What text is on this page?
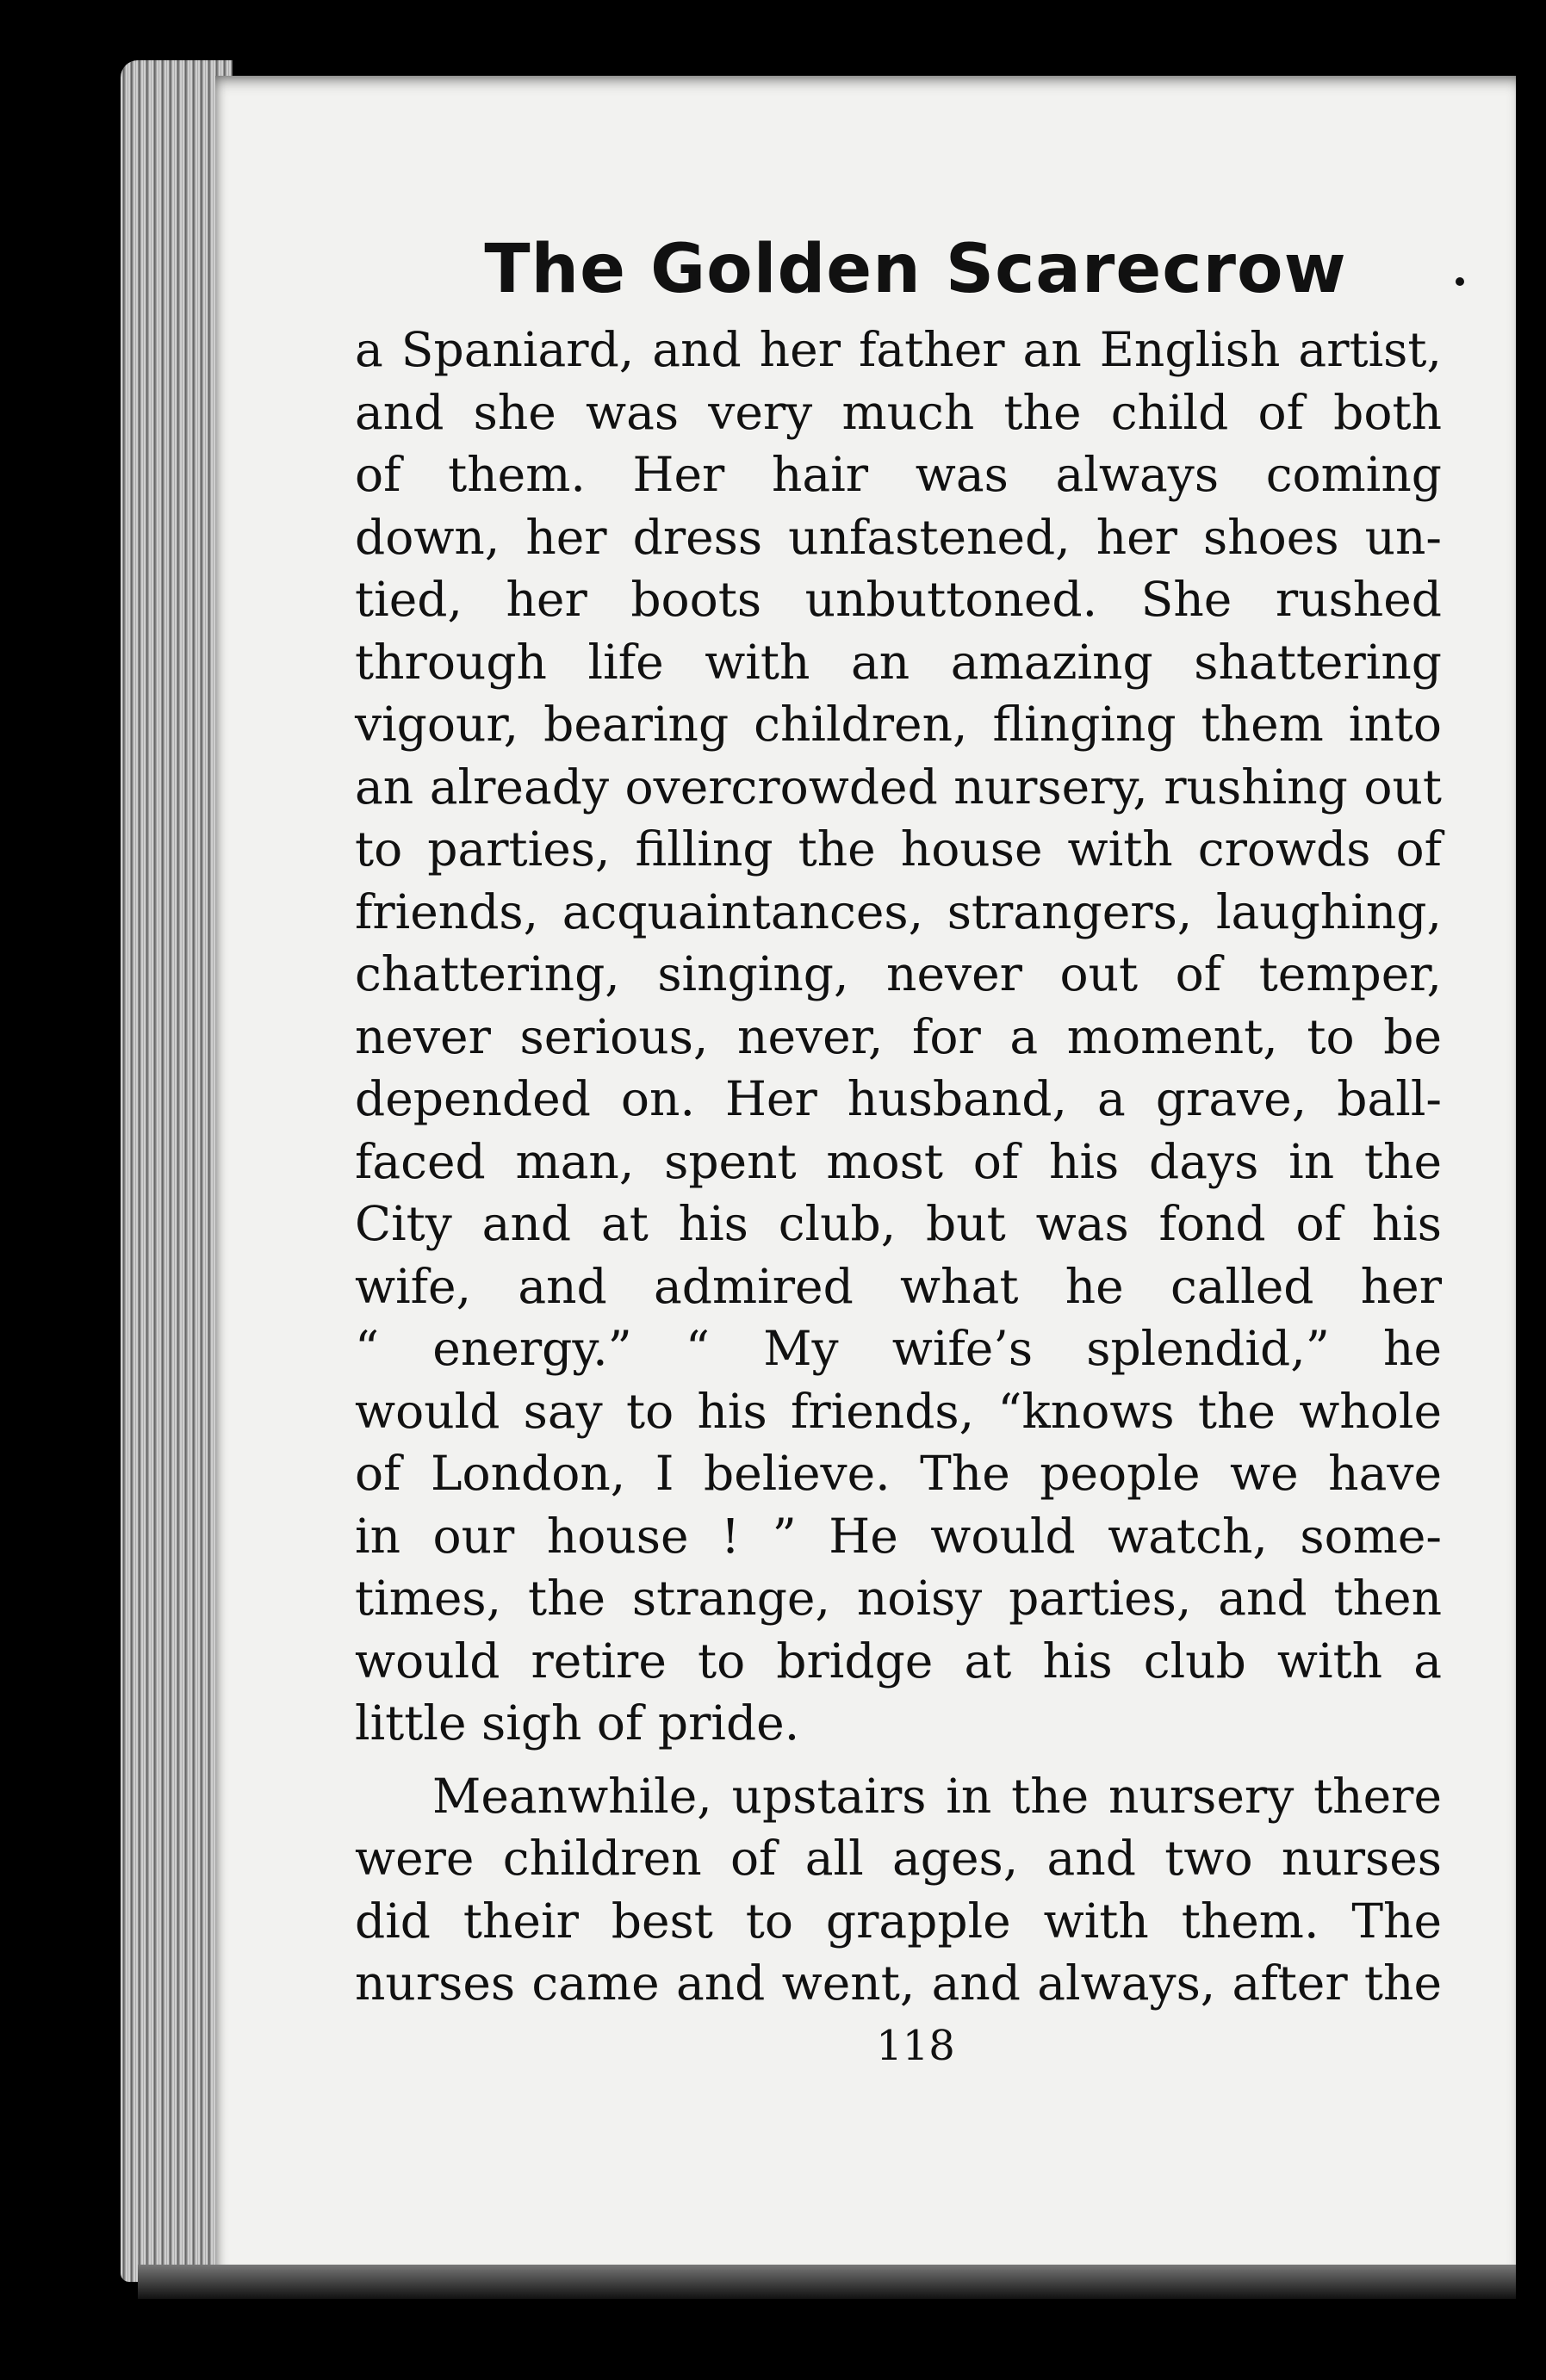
The Golden Scarecrow
a Spaniard, and her father an English artist,
and she was very much the child of both
of them. Her hair was always coming
down, her dress unfastened, her shoes un-
tied, her boots unbuttoned. She rushed
through life with an amazing shattering
vigour, bearing children, flinging them into
an already overcrowded nursery, rushing out
to parties, filling the house with crowds of
friends, acquaintances, strangers, laughing,
chattering, singing, never out of temper,
never serious, never, for a moment, to be
depended on. Her husband, a grave, ball-
faced man, spent most of his days in the
City and at his club, but was fond of his
wife, and admired what he called her
“ energy.” “ My wife’s splendid,” he
would say to his friends, “knows the whole
of London, I believe. The people we have
in our house ! ” He would watch, some-
times, the strange, noisy parties, and then
would retire to bridge at his club with a
little sigh of pride.
Meanwhile, upstairs in the nursery there
were children of all ages, and two nurses
did their best to grapple with them. The
nurses came and went, and always, after the
118
